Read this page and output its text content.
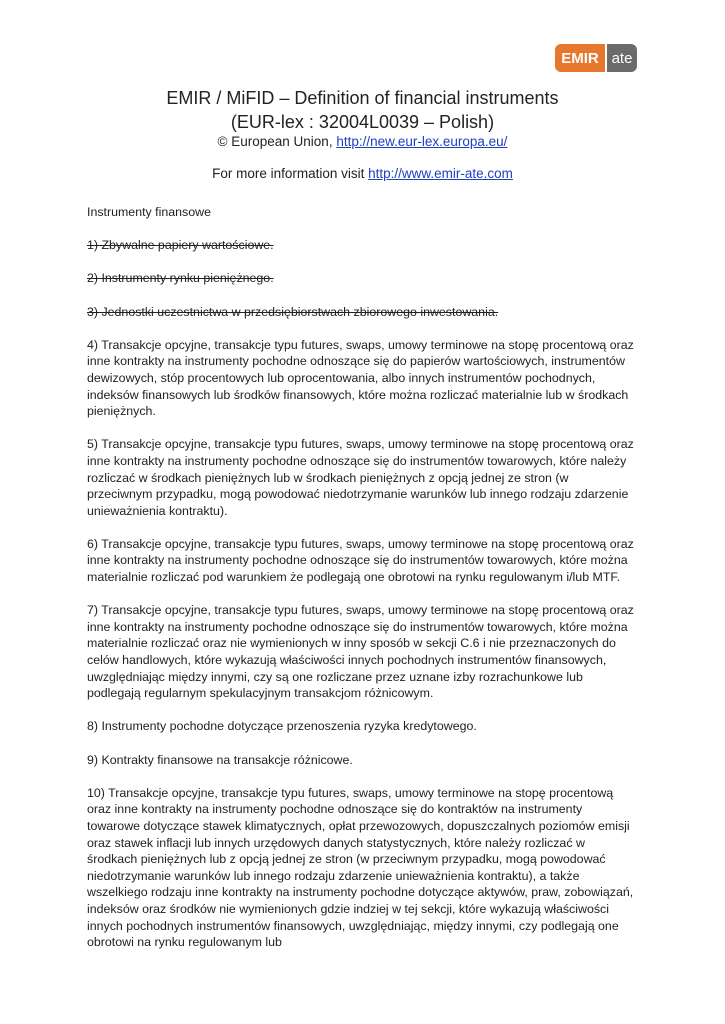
EMIR ate
EMIR / MiFID – Definition of financial instruments
(EUR-lex : 32004L0039 – Polish)
© European Union, http://new.eur-lex.europa.eu/
For more information visit http://www.emir-ate.com

Instrumenty finansowe

1) Zbywalne papiery wartościowe.

2) Instrumenty rynku pieniężnego.

3) Jednostki uczestnictwa w przedsiębiorstwach zbiorowego inwestowania.

4) Transakcje opcyjne, transakcje typu futures, swaps, umowy terminowe na stopę procentową oraz inne kontrakty na instrumenty pochodne odnoszące się do papierów wartościowych, instrumentów dewizowych, stóp procentowych lub oprocentowania, albo innych instrumentów pochodnych, indeksów finansowych lub środków finansowych, które można rozliczać materialnie lub w środkach pieniężnych.

5) Transakcje opcyjne, transakcje typu futures, swaps, umowy terminowe na stopę procentową oraz inne kontrakty na instrumenty pochodne odnoszące się do instrumentów towarowych, które należy rozliczać w środkach pieniężnych lub w środkach pieniężnych z opcją jednej ze stron (w przeciwnym przypadku, mogą powodować niedotrzymanie warunków lub innego rodzaju zdarzenie unieważnienia kontraktu).

6) Transakcje opcyjne, transakcje typu futures, swaps, umowy terminowe na stopę procentową oraz inne kontrakty na instrumenty pochodne odnoszące się do instrumentów towarowych, które można materialnie rozliczać pod warunkiem że podlegają one obrotowi na rynku regulowanym i/lub MTF.

7) Transakcje opcyjne, transakcje typu futures, swaps, umowy terminowe na stopę procentową oraz inne kontrakty na instrumenty pochodne odnoszące się do instrumentów towarowych, które można materialnie rozliczać oraz nie wymienionych w inny sposób w sekcji C.6 i nie przeznaczonych do celów handlowych, które wykazują właściwości innych pochodnych instrumentów finansowych, uwzględniając między innymi, czy są one rozliczane przez uznane izby rozrachunkowe lub podlegają regularnym spekulacyjnym transakcjom różnicowym.

8) Instrumenty pochodne dotyczące przenoszenia ryzyka kredytowego.

9) Kontrakty finansowe na transakcje różnicowe.

10) Transakcje opcyjne, transakcje typu futures, swaps, umowy terminowe na stopę procentową oraz inne kontrakty na instrumenty pochodne odnoszące się do kontraktów na instrumenty towarowe dotyczące stawek klimatycznych, opłat przewozowych, dopuszczalnych poziomów emisji oraz stawek inflacji lub innych urzędowych danych statystycznych, które należy rozliczać w środkach pieniężnych lub z opcją jednej ze stron (w przeciwnym przypadku, mogą powodować niedotrzymanie warunków lub innego rodzaju zdarzenie unieważnienia kontraktu), a także wszelkiego rodzaju inne kontrakty na instrumenty pochodne dotyczące aktywów, praw, zobowiązań, indeksów oraz środków nie wymienionych gdzie indziej w tej sekcji, które wykazują właściwości innych pochodnych instrumentów finansowych, uwzględniając, między innymi, czy podlegają one obrotowi na rynku regulowanym lub
